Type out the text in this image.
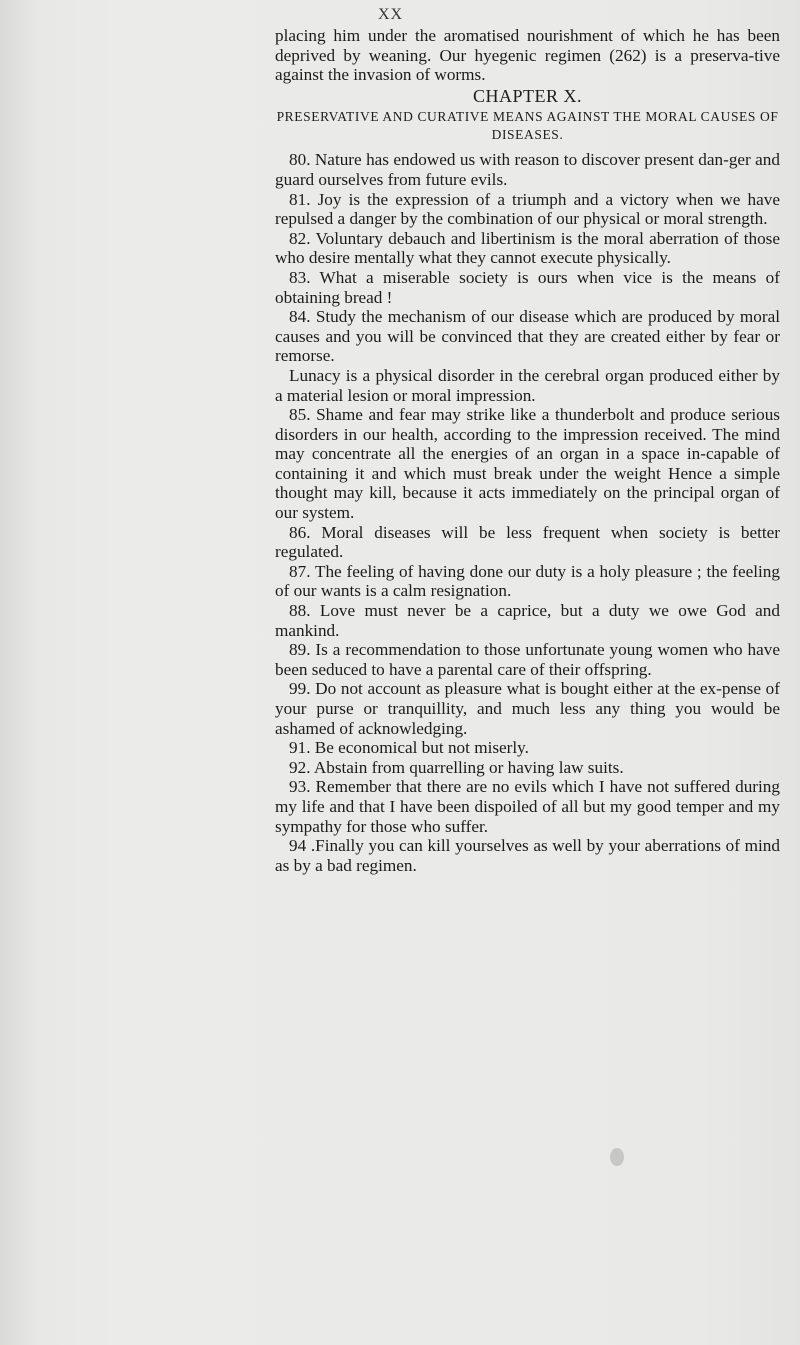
XX

placing him under the aromatised nourishment of which he has been deprived by weaning. Our hyegenic regimen (262) is a preserva-tive against the invasion of worms.

CHAPTER X.
PRESERVATIVE AND CURATIVE MEANS AGAINST THE MORAL CAUSES OF DISEASES.

80. Nature has endowed us with reason to discover present dan-ger and guard ourselves from future evils.

81. Joy is the expression of a triumph and a victory when we have repulsed a danger by the combination of our physical or moral strength.

82. Voluntary debauch and libertinism is the moral aberration of those who desire mentally what they cannot execute physically.

83. What a miserable society is ours when vice is the means of obtaining bread !

84. Study the mechanism of our disease which are produced by moral causes and you will be convinced that they are created either by fear or remorse.

Lunacy is a physical disorder in the cerebral organ produced either by a material lesion or moral impression.

85. Shame and fear may strike like a thunderbolt and produce serious disorders in our health, according to the impression received. The mind may concentrate all the energies of an organ in a space in-capable of containing it and which must break under the weight Hence a simple thought may kill, because it acts immediately on the principal organ of our system.

86. Moral diseases will be less frequent when society is better regulated.

87. The feeling of having done our duty is a holy pleasure ; the feeling of our wants is a calm resignation.

88. Love must never be a caprice, but a duty we owe God and mankind.

89. Is a recommendation to those unfortunate young women who have been seduced to have a parental care of their offspring.

99. Do not account as pleasure what is bought either at the ex-pense of your purse or tranquillity, and much less any thing you would be ashamed of acknowledging.

91. Be economical but not miserly.

92. Abstain from quarrelling or having law suits.

93. Remember that there are no evils which I have not suffered during my life and that I have been dispoiled of all but my good temper and my sympathy for those who suffer.

94 .Finally you can kill yourselves as well by your aberrations of mind as by a bad regimen.
